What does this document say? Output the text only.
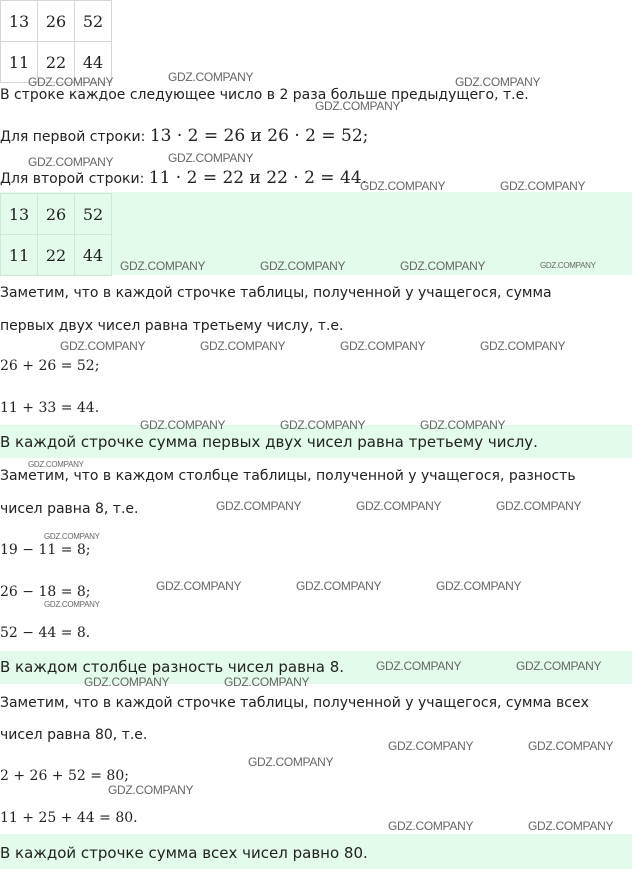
13	26	52
11	22	44
В строке каждое следующее число в 2 раза больше предыдущего, т.е.
Для первой строки: 13 · 2 = 26 и 26 · 2 = 52;
Для второй строки: 11 · 2 = 22 и 22 · 2 = 44.
13	26	52
11	22	44
Заметим, что в каждой строчке таблицы, полученной у учащегося, сумма
первых двух чисел равна третьему числу, т.е.
26 + 26 = 52;
11 + 33 = 44.
В каждой строчке сумма первых двух чисел равна третьему числу.
Заметим, что в каждом столбце таблицы, полученной у учащегося, разность
чисел равна 8, т.е.
19 − 11 = 8;
26 − 18 = 8;
52 − 44 = 8.
В каждом столбце разность чисел равна 8.
Заметим, что в каждой строчке таблицы, полученной у учащегося, сумма всех
чисел равна 80, т.е.
2 + 26 + 52 = 80;
11 + 25 + 44 = 80.
В каждой строчке сумма всех чисел равно 80.
GDZ.COMPANY	GDZ.COMPANY	GDZ.COMPANY
GDZ.COMPANY
GDZ.COMPANY	GDZ.COMPANY
GDZ.COMPANY	GDZ.COMPANY
GDZ.COMPANY	GDZ.COMPANY	GDZ.COMPANY	GDZ.COMPANY
GDZ.COMPANY	GDZ.COMPANY	GDZ.COMPANY	GDZ.COMPANY
GDZ.COMPANY	GDZ.COMPANY	GDZ.COMPANY
GDZ.COMPANY
GDZ.COMPANY	GDZ.COMPANY	GDZ.COMPANY
GDZ.COMPANY
GDZ.COMPANY	GDZ.COMPANY	GDZ.COMPANY
GDZ.COMPANY
GDZ.COMPANY	GDZ.COMPANY
GDZ.COMPANY	GDZ.COMPANY
GDZ.COMPANY	GDZ.COMPANY
GDZ.COMPANY
GDZ.COMPANY
GDZ.COMPANY	GDZ.COMPANY
